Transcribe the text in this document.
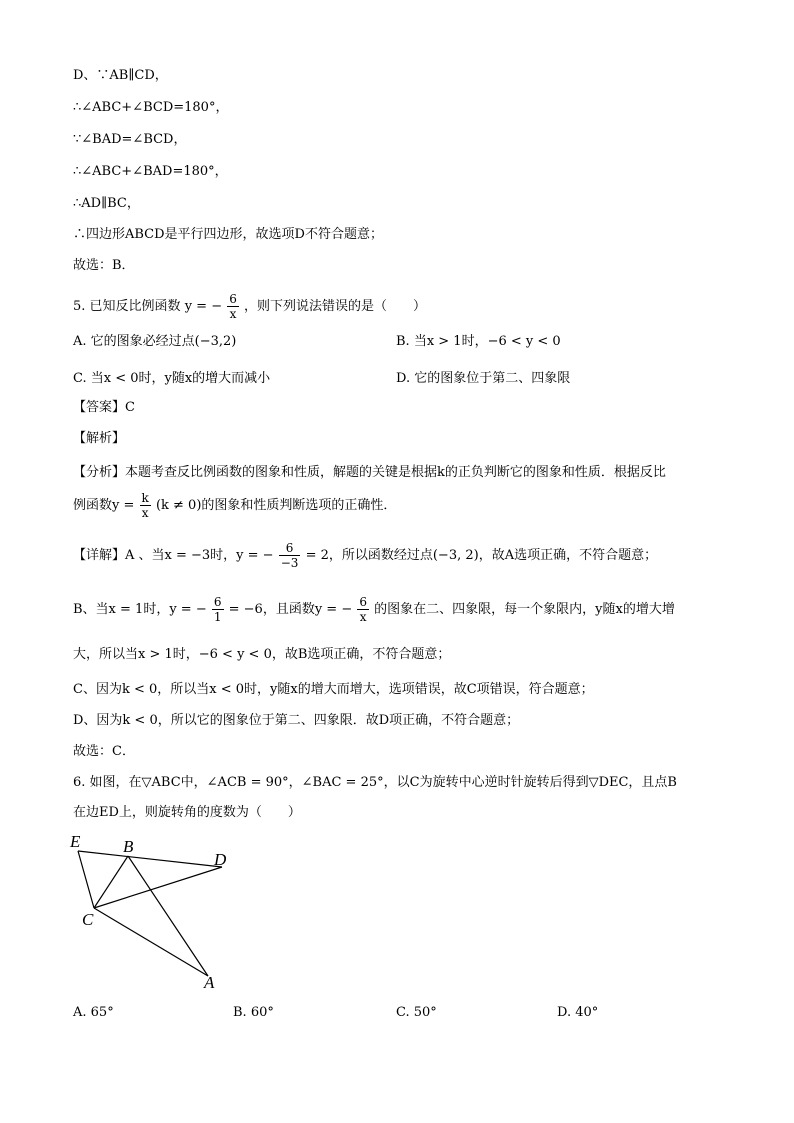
D、∵AB∥CD，
∴∠ABC+∠BCD=180°，
∵∠BAD=∠BCD，
∴∠ABC+∠BAD=180°，
∴AD∥BC，
∴四边形ABCD是平行四边形，故选项D不符合题意；
故选：B．
5. 已知反比例函数 y = − $\frac{6}{x}$ ，则下列说法错误的是（　　）
A. 它的图象必经过点(−3,2)	B. 当x > 1时，−6 < y < 0
C. 当x < 0时，y随x的增大而减小	D. 它的图象位于第二、四象限
【答案】C
【解析】
【分析】本题考查反比例函数的图象和性质，解题的关键是根据k的正负判断它的图象和性质．根据反比
例函数$y = \frac{k}{x} (k \ne 0)$的图象和性质判断选项的正确性．
【详解】A 、当x = −3时，y = − $\frac{6}{-3} = 2$，所以函数经过点(−3, 2)，故A选项正确，不符合题意；
B、当x = 1时，y = − $\frac{6}{1} = -6$，且函数y = − $\frac{6}{x}$ 的图象在二、四象限，每一个象限内，y随x的增大增
大，所以当x > 1时，−6 < y < 0，故B选项正确，不符合题意；
C、因为k < 0，所以当x < 0时，y随x的增大而增大，选项错误，故C项错误，符合题意；
D、因为k < 0，所以它的图象位于第二、四象限．故D项正确，不符合题意；
故选：C．
6. 如图，在▽ABC中，∠ACB = 90°，∠BAC = 25°，以C为旋转中心逆时针旋转后得到▽DEC，且点B
在边ED上，则旋转角的度数为（　　）
E	B
D
C
A
A. 65°	B. 60°	C. 50°	D. 40°
